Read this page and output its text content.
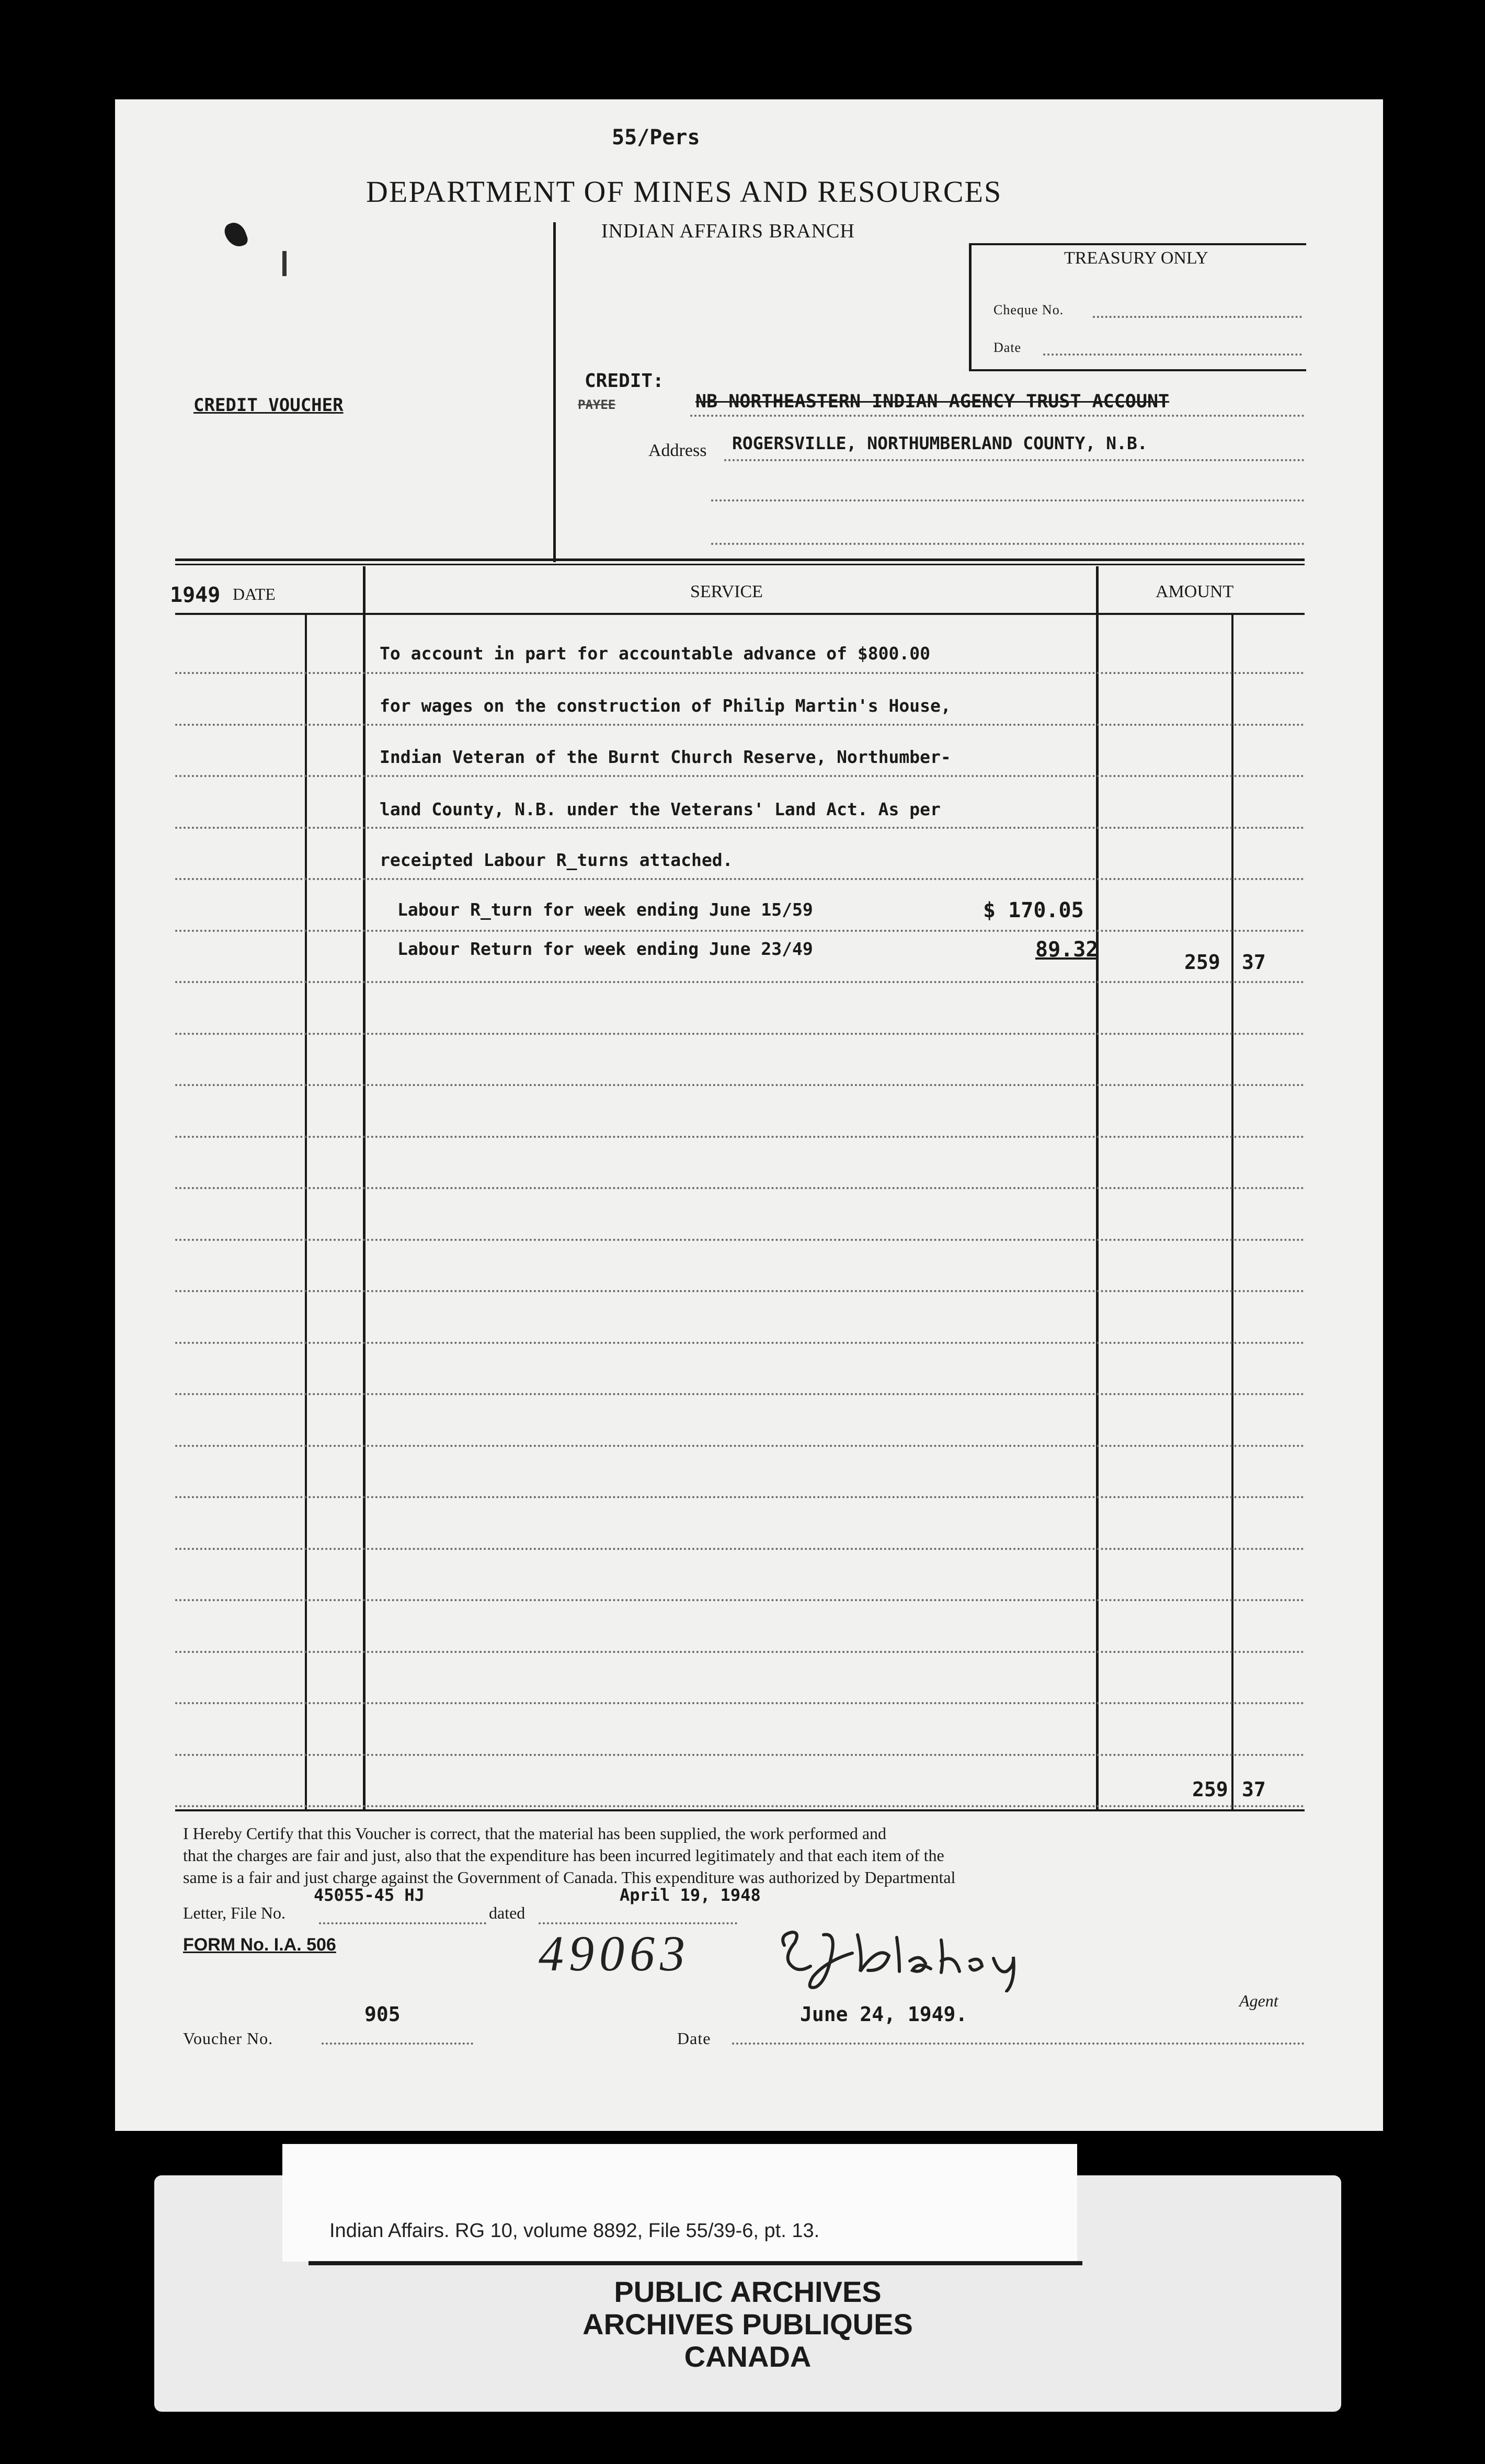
55/Pers
DEPARTMENT OF MINES AND RESOURCES
INDIAN AFFAIRS BRANCH
TREASURY ONLY
Cheque No.
Date
CREDIT VOUCHER
CREDIT:
PAYEE	NB NORTHEASTERN INDIAN AGENCY TRUST ACCOUNT
Address ROGERSVILLE, NORTHUMBERLAND COUNTY, N.B.
1949 DATE	SERVICE	AMOUNT
To account in part for accountable advance of $800.00
for wages on the construction of Philip Martin's House,
Indian Veteran of the Burnt Church Reserve, Northumber-
land County, N.B. under the Veterans' Land Act. As per
receipted Labour R_turns attached.
Labour R_turn for week ending June 15/59	$ 170.05
Labour Return for week ending June 23/49	89.32
259 37
259 37
I Hereby Certify that this Voucher is correct, that the material has been supplied, the work performed and
that the charges are fair and just, also that the expenditure has been incurred legitimately and that each item of the
same is a fair and just charge against the Government of Canada. This expenditure was authorized by Departmental
Letter, File No.
45055-45 HJ
dated
April 19, 1948
FORM No. I.A. 506	49063
Agent
Voucher No.
905
Date
June 24, 1949.
Indian Affairs. RG 10, volume 8892, File 55/39-6, pt. 13.
PUBLIC ARCHIVES
ARCHIVES PUBLIQUES
CANADA
